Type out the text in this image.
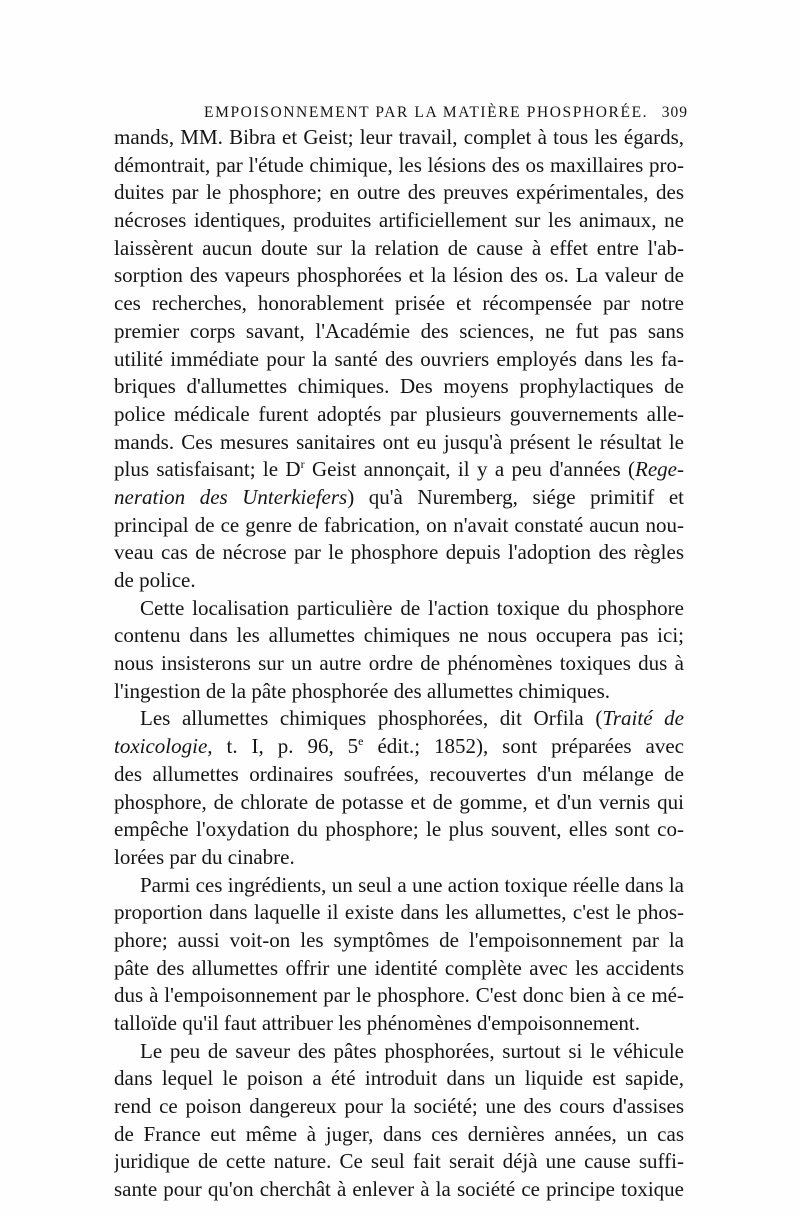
EMPOISONNEMENT PAR LA MATIÈRE PHOSPHORÉE. 309
mands, MM. Bibra et Geist; leur travail, complet à tous les égards,
démontrait, par l'étude chimique, les lésions des os maxillaires pro-
duites par le phosphore; en outre des preuves expérimentales, des
nécroses identiques, produites artificiellement sur les animaux, ne
laissèrent aucun doute sur la relation de cause à effet entre l'ab-
sorption des vapeurs phosphorées et la lésion des os. La valeur de
ces recherches, honorablement prisée et récompensée par notre
premier corps savant, l'Académie des sciences, ne fut pas sans
utilité immédiate pour la santé des ouvriers employés dans les fa-
briques d'allumettes chimiques. Des moyens prophylactiques de
police médicale furent adoptés par plusieurs gouvernements alle-
mands. Ces mesures sanitaires ont eu jusqu'à présent le résultat le
plus satisfaisant; le $D^r$ Geist annonçait, il y a peu d'années (Rege-
neration des Unterkiefers) qu'à Nuremberg, siége primitif et
principal de ce genre de fabrication, on n'avait constaté aucun nou-
veau cas de nécrose par le phosphore depuis l'adoption des règles
de police.
Cette localisation particulière de l'action toxique du phosphore
contenu dans les allumettes chimiques ne nous occupera pas ici;
nous insisterons sur un autre ordre de phénomènes toxiques dus à
l'ingestion de la pâte phosphorée des allumettes chimiques.
Les allumettes chimiques phosphorées, dit Orfila (Traité de
toxicologie, t. I, p. 96, 5e édit.; 1852), sont préparées avec
des allumettes ordinaires soufrées, recouvertes d'un mélange de
phosphore, de chlorate de potasse et de gomme, et d'un vernis qui
empêche l'oxydation du phosphore; le plus souvent, elles sont co-
lorées par du cinabre.
Parmi ces ingrédients, un seul a une action toxique réelle dans la
proportion dans laquelle il existe dans les allumettes, c'est le phos-
phore; aussi voit-on les symptômes de l'empoisonnement par la
pâte des allumettes offrir une identité complète avec les accidents
dus à l'empoisonnement par le phosphore. C'est donc bien à ce mé-
talloïde qu'il faut attribuer les phénomènes d'empoisonnement.
Le peu de saveur des pâtes phosphorées, surtout si le véhicule
dans lequel le poison a été introduit dans un liquide est sapide,
rend ce poison dangereux pour la société; une des cours d'assises
de France eut même à juger, dans ces dernières années, un cas
juridique de cette nature. Ce seul fait serait déjà une cause suffi-
sante pour qu'on cherchât à enlever à la société ce principe toxique
